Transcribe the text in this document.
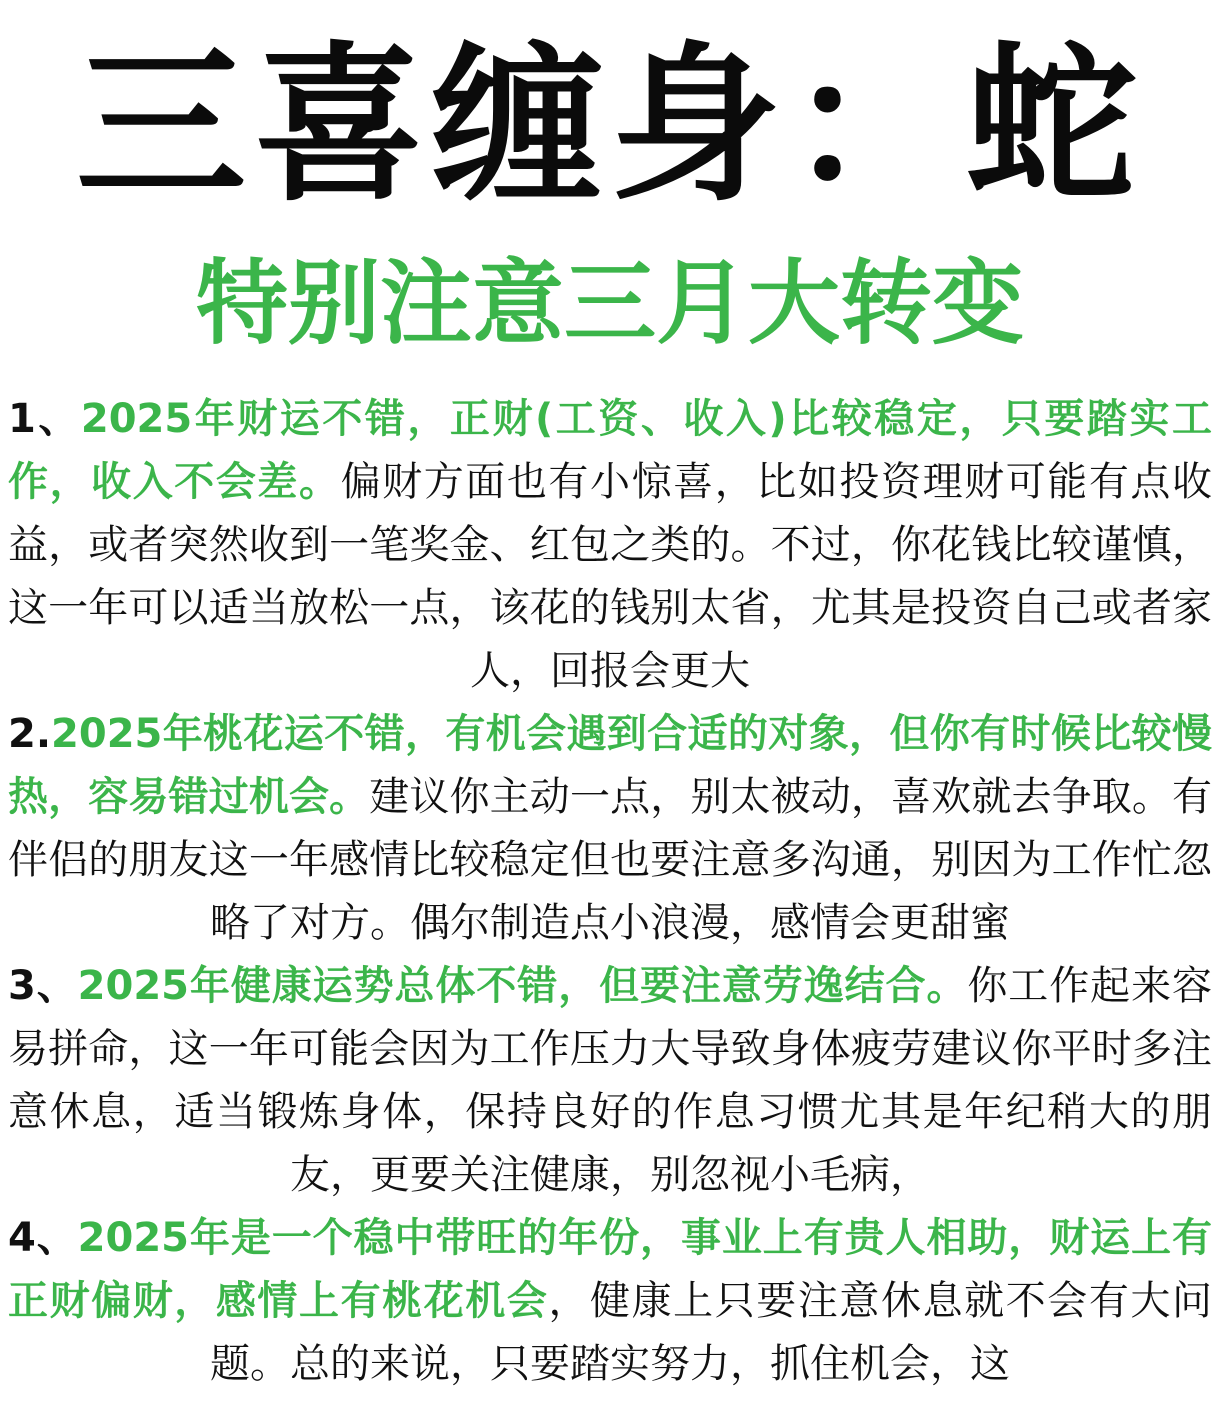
三喜缠身：蛇
特别注意三月大转变

1、2025年财运不错，正财(工资、收入)比较稳定，只要踏实工作，收入不会差。偏财方面也有小惊喜，比如投资理财可能有点收益，或者突然收到一笔奖金、红包之类的。不过，你花钱比较谨慎，这一年可以适当放松一点，该花的钱别太省，尤其是投资自己或者家人，回报会更大

2.2025年桃花运不错，有机会遇到合适的对象，但你有时候比较慢热，容易错过机会。建议你主动一点，别太被动，喜欢就去争取。有伴侣的朋友这一年感情比较稳定但也要注意多沟通，别因为工作忙忽略了对方。偶尔制造点小浪漫，感情会更甜蜜

3、2025年健康运势总体不错，但要注意劳逸结合。你工作起来容易拼命，这一年可能会因为工作压力大导致身体疲劳建议你平时多注意休息，适当锻炼身体，保持良好的作息习惯尤其是年纪稍大的朋友，更要关注健康，别忽视小毛病，

4、2025年是一个稳中带旺的年份，事业上有贵人相助，财运上有正财偏财，感情上有桃花机会，健康上只要注意休息就不会有大问题。总的来说，只要踏实努力，抓住机会，这
